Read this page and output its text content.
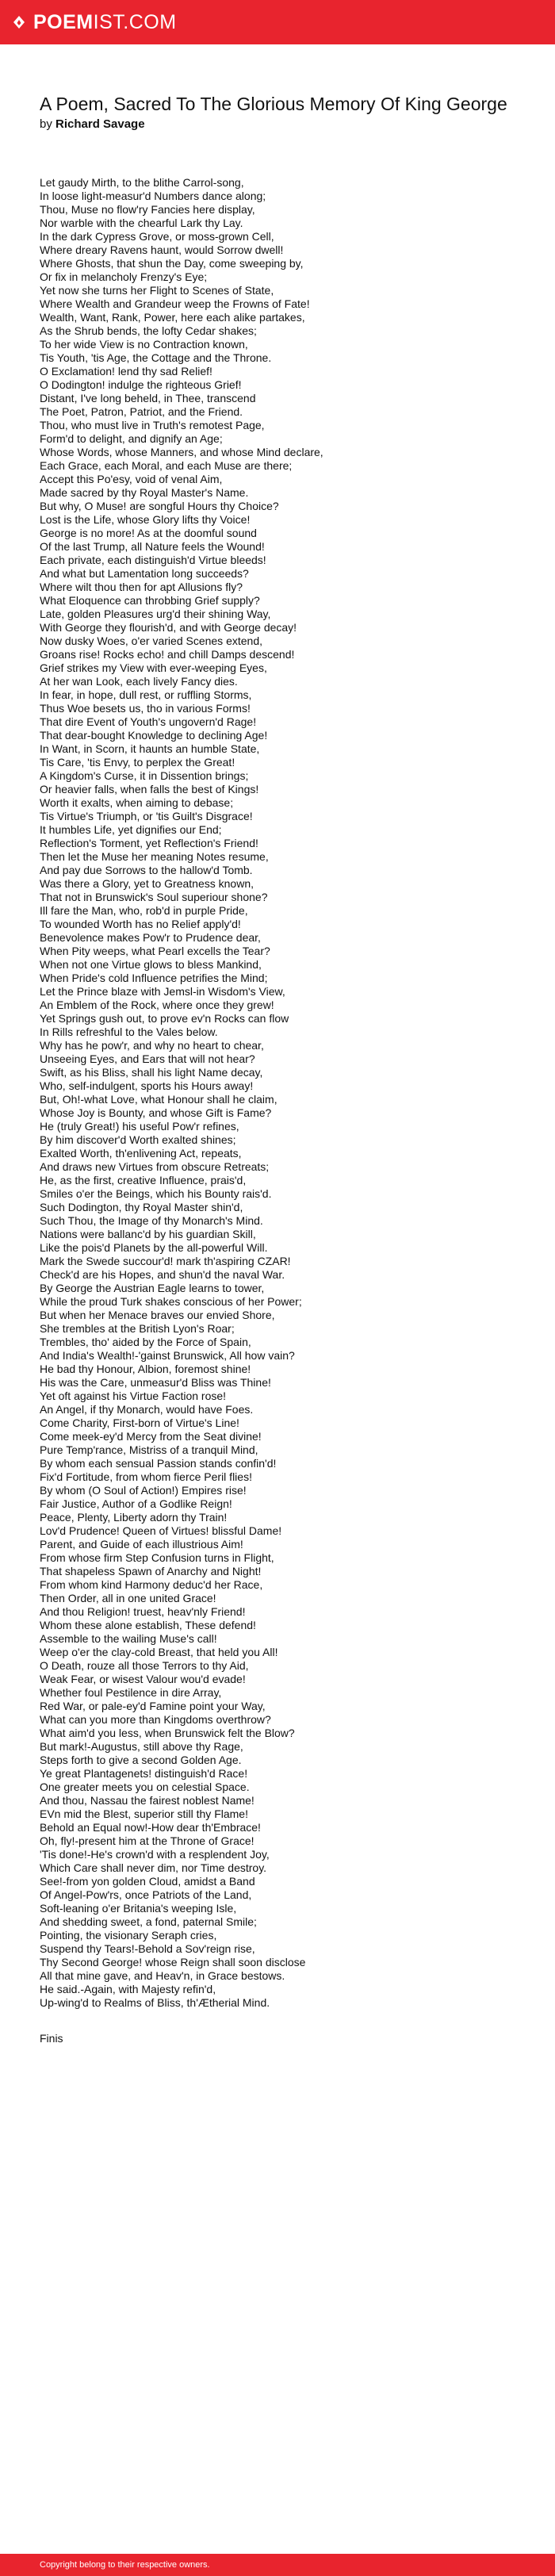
POEMIST.COM
A Poem, Sacred To The Glorious Memory Of King George
by Richard Savage
Let gaudy Mirth, to the blithe Carrol-song,
In loose light-measur'd Numbers dance along;
Thou, Muse no flow'ry Fancies here display,
Nor warble with the chearful Lark thy Lay.
In the dark Cypress Grove, or moss-grown Cell,
Where dreary Ravens haunt, would Sorrow dwell!
Where Ghosts, that shun the Day, come sweeping by,
Or fix in melancholy Frenzy's Eye;
Yet now she turns her Flight to Scenes of State,
Where Wealth and Grandeur weep the Frowns of Fate!
Wealth, Want, Rank, Power, here each alike partakes,
As the Shrub bends, the lofty Cedar shakes;
To her wide View is no Contraction known,
Tis Youth, 'tis Age, the Cottage and the Throne.
O Exclamation! lend thy sad Relief!
O Dodington! indulge the righteous Grief!
Distant, I've long beheld, in Thee, transcend
The Poet, Patron, Patriot, and the Friend.
Thou, who must live in Truth's remotest Page,
Form'd to delight, and dignify an Age;
Whose Words, whose Manners, and whose Mind declare,
Each Grace, each Moral, and each Muse are there;
Accept this Po'esy, void of venal Aim,
Made sacred by thy Royal Master's Name.
But why, O Muse! are songful Hours thy Choice?
Lost is the Life, whose Glory lifts thy Voice!
George is no more! As at the doomful sound
Of the last Trump, all Nature feels the Wound!
Each private, each distinguish'd Virtue bleeds!
And what but Lamentation long succeeds?
Where wilt thou then for apt Allusions fly?
What Eloquence can throbbing Grief supply?
Late, golden Pleasures urg'd their shining Way,
With George they flourish'd, and with George decay!
Now dusky Woes, o'er varied Scenes extend,
Groans rise! Rocks echo! and chill Damps descend!
Grief strikes my View with ever-weeping Eyes,
At her wan Look, each lively Fancy dies.
In fear, in hope, dull rest, or ruffling Storms,
Thus Woe besets us, tho in various Forms!
That dire Event of Youth's ungovern'd Rage!
That dear-bought Knowledge to declining Age!
In Want, in Scorn, it haunts an humble State,
Tis Care, 'tis Envy, to perplex the Great!
A Kingdom's Curse, it in Dissention brings;
Or heavier falls, when falls the best of Kings!
Worth it exalts, when aiming to debase;
Tis Virtue's Triumph, or 'tis Guilt's Disgrace!
It humbles Life, yet dignifies our End;
Reflection's Torment, yet Reflection's Friend!
Then let the Muse her meaning Notes resume,
And pay due Sorrows to the hallow'd Tomb.
Was there a Glory, yet to Greatness known,
That not in Brunswick's Soul superiour shone?
Ill fare the Man, who, rob'd in purple Pride,
To wounded Worth has no Relief apply'd!
Benevolence makes Pow'r to Prudence dear,
When Pity weeps, what Pearl excells the Tear?
When not one Virtue glows to bless Mankind,
When Pride's cold Influence petrifies the Mind;
Let the Prince blaze with Jemsl-in Wisdom's View,
An Emblem of the Rock, where once they grew!
Yet Springs gush out, to prove ev'n Rocks can flow
In Rills refreshful to the Vales below.
Why has he pow'r, and why no heart to chear,
Unseeing Eyes, and Ears that will not hear?
Swift, as his Bliss, shall his light Name decay,
Who, self-indulgent, sports his Hours away!
But, Oh!-what Love, what Honour shall he claim,
Whose Joy is Bounty, and whose Gift is Fame?
He (truly Great!) his useful Pow'r refines,
By him discover'd Worth exalted shines;
Exalted Worth, th'enlivening Act, repeats,
And draws new Virtues from obscure Retreats;
He, as the first, creative Influence, prais'd,
Smiles o'er the Beings, which his Bounty rais'd.
Such Dodington, thy Royal Master shin'd,
Such Thou, the Image of thy Monarch's Mind.
Nations were ballanc'd by his guardian Skill,
Like the pois'd Planets by the all-powerful Will.
Mark the Swede succour'd! mark th'aspiring CZAR!
Check'd are his Hopes, and shun'd the naval War.
By George the Austrian Eagle learns to tower,
While the proud Turk shakes conscious of her Power;
But when her Menace braves our envied Shore,
She trembles at the British Lyon's Roar;
Trembles, tho' aided by the Force of Spain,
And India's Wealth!-'gainst Brunswick, All how vain?
He bad thy Honour, Albion, foremost shine!
His was the Care, unmeasur'd Bliss was Thine!
Yet oft against his Virtue Faction rose!
An Angel, if thy Monarch, would have Foes.
Come Charity, First-born of Virtue's Line!
Come meek-ey'd Mercy from the Seat divine!
Pure Temp'rance, Mistriss of a tranquil Mind,
By whom each sensual Passion stands confin'd!
Fix'd Fortitude, from whom fierce Peril flies!
By whom (O Soul of Action!) Empires rise!
Fair Justice, Author of a Godlike Reign!
Peace, Plenty, Liberty adorn thy Train!
Lov'd Prudence! Queen of Virtues! blissful Dame!
Parent, and Guide of each illustrious Aim!
From whose firm Step Confusion turns in Flight,
That shapeless Spawn of Anarchy and Night!
From whom kind Harmony deduc'd her Race,
Then Order, all in one united Grace!
And thou Religion! truest, heav'nly Friend!
Whom these alone establish, These defend!
Assemble to the wailing Muse's call!
Weep o'er the clay-cold Breast, that held you All!
O Death, rouze all those Terrors to thy Aid,
Weak Fear, or wisest Valour wou'd evade!
Whether foul Pestilence in dire Array,
Red War, or pale-ey'd Famine point your Way,
What can you more than Kingdoms overthrow?
What aim'd you less, when Brunswick felt the Blow?
But mark!-Augustus, still above thy Rage,
Steps forth to give a second Golden Age.
Ye great Plantagenets! distinguish'd Race!
One greater meets you on celestial Space.
And thou, Nassau the fairest noblest Name!
EVn mid the Blest, superior still thy Flame!
Behold an Equal now!-How dear th'Embrace!
Oh, fly!-present him at the Throne of Grace!
'Tis done!-He's crown'd with a resplendent Joy,
Which Care shall never dim, nor Time destroy.
See!-from yon golden Cloud, amidst a Band
Of Angel-Pow'rs, once Patriots of the Land,
Soft-leaning o'er Britania's weeping Isle,
And shedding sweet, a fond, paternal Smile;
Pointing, the visionary Seraph cries,
Suspend thy Tears!-Behold a Sov'reign rise,
Thy Second George! whose Reign shall soon disclose
All that mine gave, and Heav'n, in Grace bestows.
He said.-Again, with Majesty refin'd,
Up-wing'd to Realms of Bliss, th'Ætherial Mind.
Finis
Copyright belong to their respective owners.
